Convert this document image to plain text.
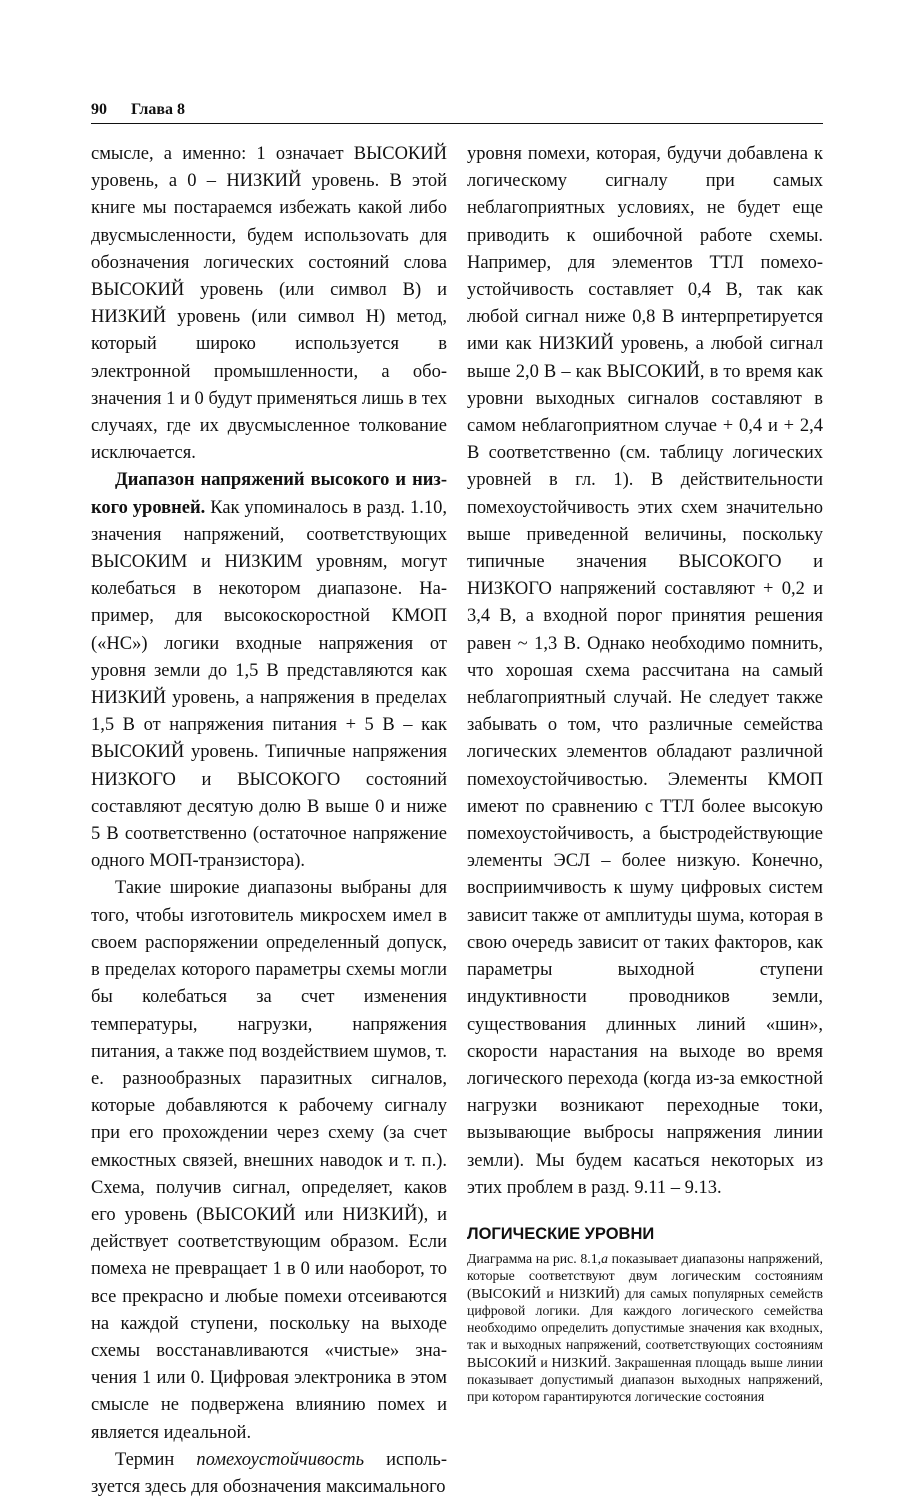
90 Глава 8

смысле, а именно: 1 означает ВЫСОКИЙ уровень, а 0 – НИЗКИЙ уровень. В этой книге мы постараемся избежать какой либо двусмысленности, будем использоvать для обозначения логических состояний слова ВЫСОКИЙ уровень (или символ В) и НИЗКИЙ уровень (или символ Н) метод, который широко используется в электронной промышленности, а обозначения 1 и 0 будут применяться лишь в тех случаях, где их двусмысленное толкование исключается.

Диапазон напряжений высокого и низкого уровней. Как упоминалось в разд. 1.10, значения напряжений, соответствующих ВЫСОКИМ и НИЗКИМ уровням, могут колебаться в некотором диапазоне. Например, для высокоскоростной КМОП («НС») логики входные напряжения от уровня земли до 1,5 В представляются как НИЗКИЙ уровень, а напряжения в пределах 1,5 В от напряжения питания + 5 В – как ВЫСОКИЙ уровень. Типичные напряжения НИЗКОГО и ВЫСОКОГО состояний составляют десятую долю В выше 0 и ниже 5 В соответственно (остаточное напряжение одного МОП-транзистора).

Такие широкие диапазоны выбраны для того, чтобы изготовитель микросхем имел в своем распоряжении определенный допуск, в пределах которого параметры схемы могли бы колебаться за счет изменения температуры, нагрузки, напряжения питания, а также под воздействием шумов, т. е. разнообразных паразитных сигналов, которые добавляются к рабочему сигналу при его прохождении через схему (за счет емкостных связей, внешних наводок и т. п.). Схема, получив сигнал, определяет, каков его уровень (ВЫСОКИЙ или НИЗКИЙ), и действует соответствующим образом. Если помеха не превращает 1 в 0 или наоборот, то все прекрасно и любые помехи отсеиваются на каждой ступени, поскольку на выходе схемы восстанавливаются «чистые» значения 1 или 0. Цифровая электроника в этом смысле не подвержена влиянию помех и является идеальной.

Термин помехоустойчивость используется здесь для обозначения максимального

уровня помехи, которая, будучи добавлена к логическому сигналу при самых неблагоприятных условиях, не будет еще приводить к ошибочной работе схемы. Например, для элементов ТТЛ помехоустойчивость составляет 0,4 В, так как любой сигнал ниже 0,8 В интерпретируется ими как НИЗКИЙ уровень, а любой сигнал выше 2,0 В – как ВЫСОКИЙ, в то время как уровни выходных сигналов составляют в самом неблагоприятном случае + 0,4 и + 2,4 В соответственно (см. таблицу логических уровней в гл. 1). В действительности помехоустойчивость этих схем значительно выше приведенной величины, поскольку типичные значения ВЫСОКОГО и НИЗКОГО напряжений составляют + 0,2 и 3,4 В, а входной порог принятия решения равен ~ 1,3 В. Однако необходимо помнить, что хорошая схема рассчитана на самый неблагоприятный случай. Не следует также забывать о том, что различные семейства логических элементов обладают различной помехоустойчивостью. Элементы КМОП имеют по сравнению с ТТЛ более высокую помехоустойчивость, а быстродействующие элементы ЭСЛ – более низкую. Конечно, восприимчивость к шуму цифровых систем зависит также от амплитуды шума, которая в свою очередь зависит от таких факторов, как параметры выходной ступени индуктивности проводников земли, существования длинных линий «шин», скорости нарастания на выходе во время логического перехода (когда из-за емкостной нагрузки возникают переходные токи, вызывающие выбросы напряжения линии земли). Мы будем касаться некоторых из этих проблем в разд. 9.11 – 9.13.

ЛОГИЧЕСКИЕ УРОВНИ

Диаграмма на рис. 8.1,а показывает диапазоны напряжений, которые соответствуют двум логическим состояниям (ВЫСОКИЙ и НИЗКИЙ) для самых популярных семейств цифровой логики. Для каждого логического семейства необходимо определить допустимые значения как входных, так и выходных напряжений, соответствующих состояниям ВЫСОКИЙ и НИЗКИЙ. Закрашенная площадь выше линии показывает допустимый диапазон выходных напряжений, при котором гарантируются логические состояния
